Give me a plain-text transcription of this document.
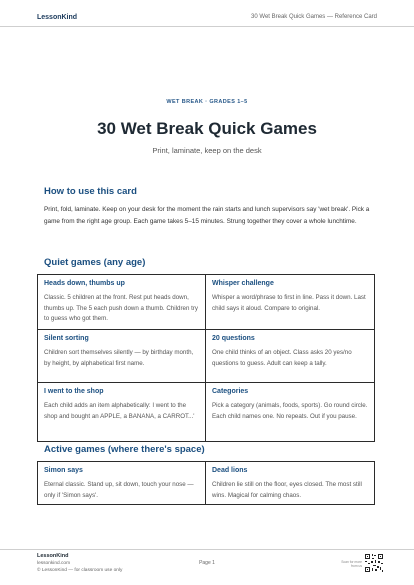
LessonKind	30 Wet Break Quick Games — Reference Card
WET BREAK · GRADES 1–5
30 Wet Break Quick Games
Print, laminate, keep on the desk
How to use this card
Print, fold, laminate. Keep on your desk for the moment the rain starts and lunch supervisors say 'wet break'. Pick a game from the right age group. Each game takes 5–15 minutes. Strung together they cover a whole lunchtime.
Quiet games (any age)
Heads down, thumbs up
Classic. 5 children at the front. Rest put heads down, thumbs up. The 5 each push down a thumb. Children try to guess who got them.
Whisper challenge
Whisper a word/phrase to first in line. Pass it down. Last child says it aloud. Compare to original.
Silent sorting
Children sort themselves silently — by birthday month, by height, by alphabetical first name.
20 questions
One child thinks of an object. Class asks 20 yes/no questions to guess. Adult can keep a tally.
I went to the shop
Each child adds an item alphabetically: I went to the shop and bought an APPLE, a BANANA, a CARROT...'
Categories
Pick a category (animals, foods, sports). Go round circle. Each child names one. No repeats. Out if you pause.
Active games (where there's space)
Simon says
Eternal classic. Stand up, sit down, touch your nose — only if 'Simon says'.
Dead lions
Children lie still on the floor, eyes closed. The most still wins. Magical for calming chaos.
LessonKind
lessonkind.com
© LessonKind — for classroom use only
Page 1	Scan for more from us
